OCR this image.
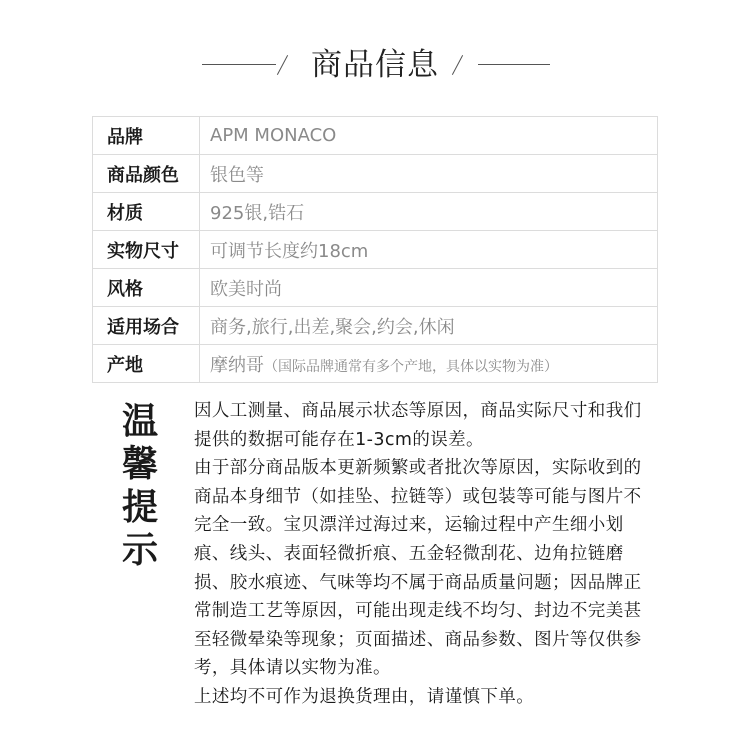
商品信息
品牌	APM MONACO
商品颜色	银色等
材质	925银,锆石
实物尺寸	可调节长度约18cm
风格	欧美时尚
适用场合	商务,旅行,出差,聚会,约会,休闲
产地	摩纳哥（国际品牌通常有多个产地，具体以实物为准）
温
馨
提
示

因人工测量、商品展示状态等原因，商品实际尺寸和我们提供的数据可能存在1-3cm的误差。

由于部分商品版本更新频繁或者批次等原因，实际收到的商品本身细节（如挂坠、拉链等）或包装等可能与图片不完全一致。宝贝漂洋过海过来，运输过程中产生细小划痕、线头、表面轻微折痕、五金轻微刮花、边角拉链磨损、胶水痕迹、气味等均不属于商品质量问题；因品牌正常制造工艺等原因，可能出现走线不均匀、封边不完美甚至轻微晕染等现象；页面描述、商品参数、图片等仅供参考，具体请以实物为准。

上述均不可作为退换货理由，请谨慎下单。
